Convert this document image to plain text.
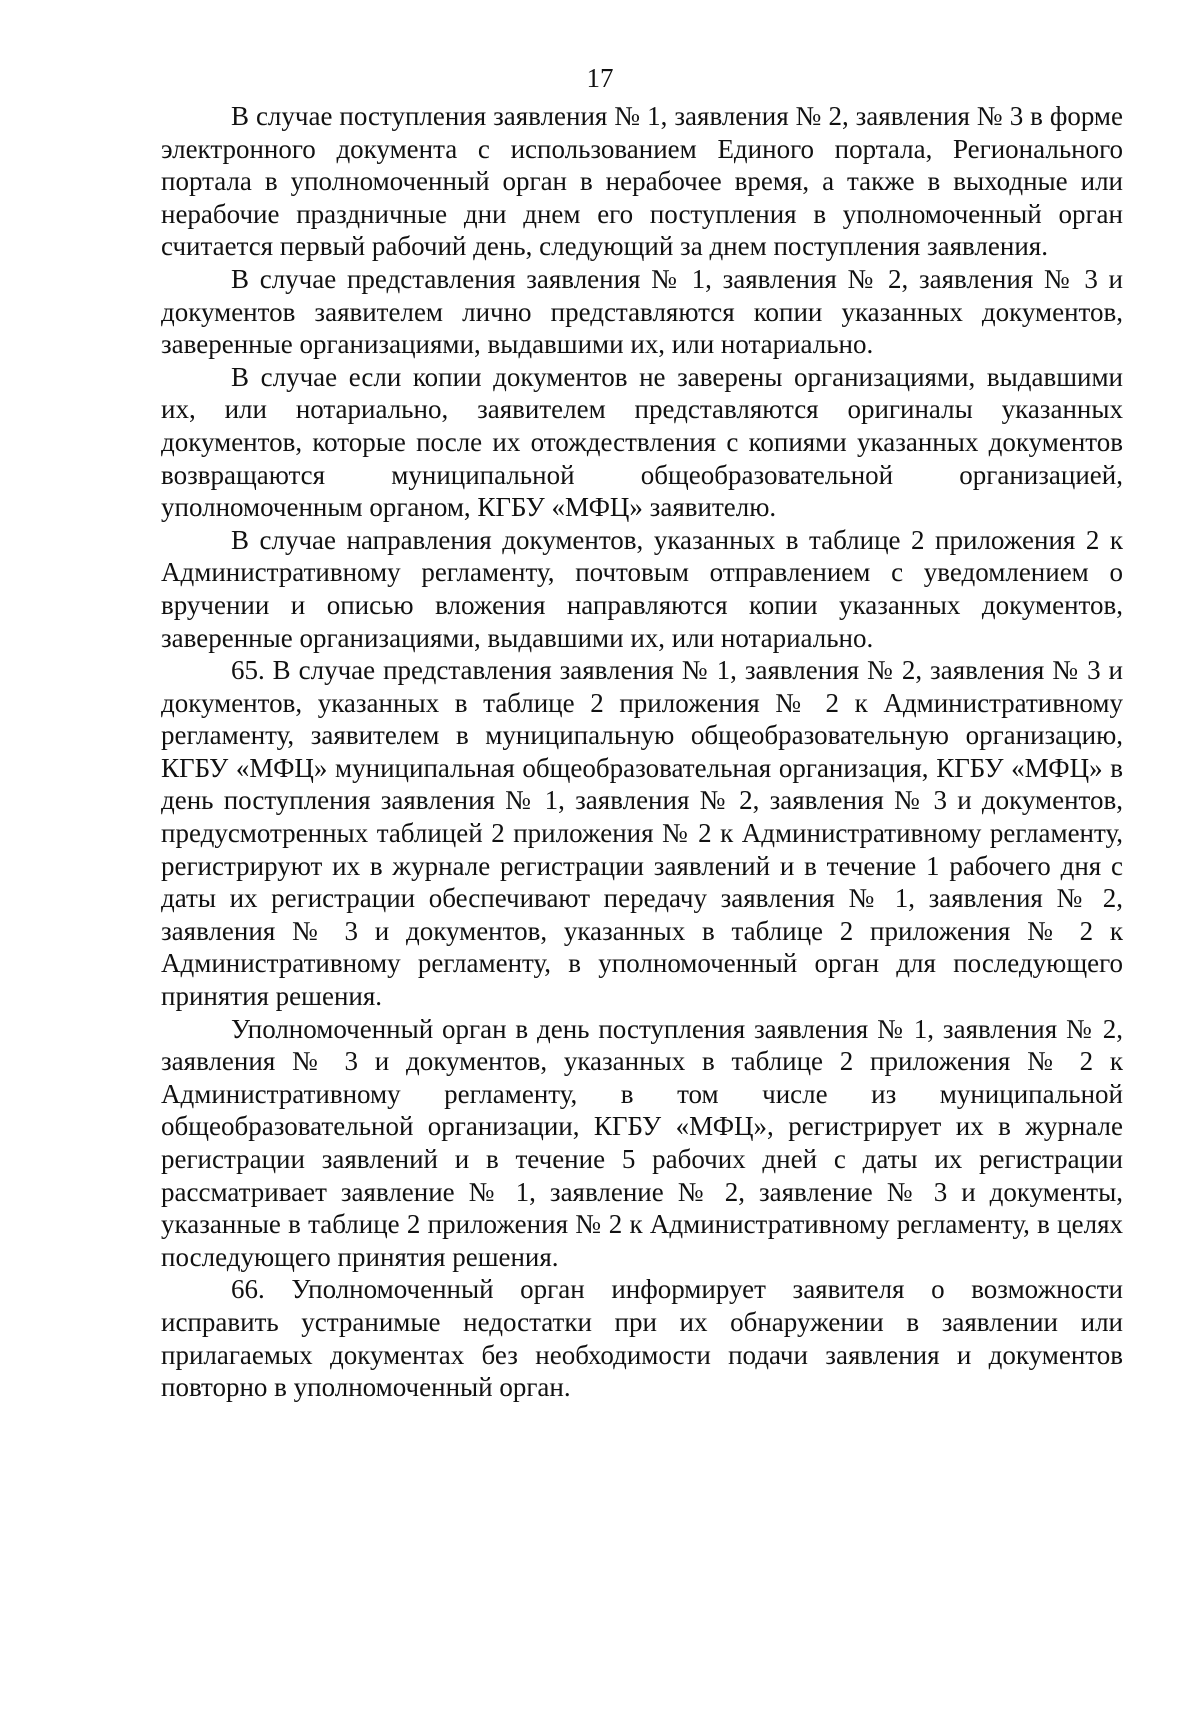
17

В случае поступления заявления № 1, заявления № 2, заявления № 3 в форме электронного документа с использованием Единого портала, Регионального портала в уполномоченный орган в нерабочее время, а также в выходные или нерабочие праздничные дни днем его поступления в уполномоченный орган считается первый рабочий день, следующий за днем поступления заявления.

В случае представления заявления № 1, заявления № 2, заявления № 3 и документов заявителем лично представляются копии указанных документов, заверенные организациями, выдавшими их, или нотариально.

В случае если копии документов не заверены организациями, выдавшими их, или нотариально, заявителем представляются оригиналы указанных документов, которые после их отождествления с копиями указанных документов возвращаются муниципальной общеобразовательной организацией, уполномоченным органом, КГБУ «МФЦ» заявителю.

В случае направления документов, указанных в таблице 2 приложения 2 к Административному регламенту, почтовым отправлением с уведомлением о вручении и описью вложения направляются копии указанных документов, заверенные организациями, выдавшими их, или нотариально.

65. В случае представления заявления № 1, заявления № 2, заявления № 3 и документов, указанных в таблице 2 приложения № 2 к Административному регламенту, заявителем в муниципальную общеобразовательную организацию, КГБУ «МФЦ» муниципальная общеобразовательная организация, КГБУ «МФЦ» в день поступления заявления № 1, заявления № 2, заявления № 3 и документов, предусмотренных таблицей 2 приложения № 2 к Административному регламенту, регистрируют их в журнале регистрации заявлений и в течение 1 рабочего дня с даты их регистрации обеспечивают передачу заявления № 1, заявления № 2, заявления № 3 и документов, указанных в таблице 2 приложения № 2 к Административному регламенту, в уполномоченный орган для последующего принятия решения.

Уполномоченный орган в день поступления заявления № 1, заявления № 2, заявления № 3 и документов, указанных в таблице 2 приложения № 2 к Административному регламенту, в том числе из муниципальной общеобразовательной организации, КГБУ «МФЦ», регистрирует их в журнале регистрации заявлений и в течение 5 рабочих дней с даты их регистрации рассматривает заявление № 1, заявление № 2, заявление № 3 и документы, указанные в таблице 2 приложения № 2 к Административному регламенту, в целях последующего принятия решения.

66. Уполномоченный орган информирует заявителя о возможности исправить устранимые недостатки при их обнаружении в заявлении или прилагаемых документах без необходимости подачи заявления и документов повторно в уполномоченный орган.
